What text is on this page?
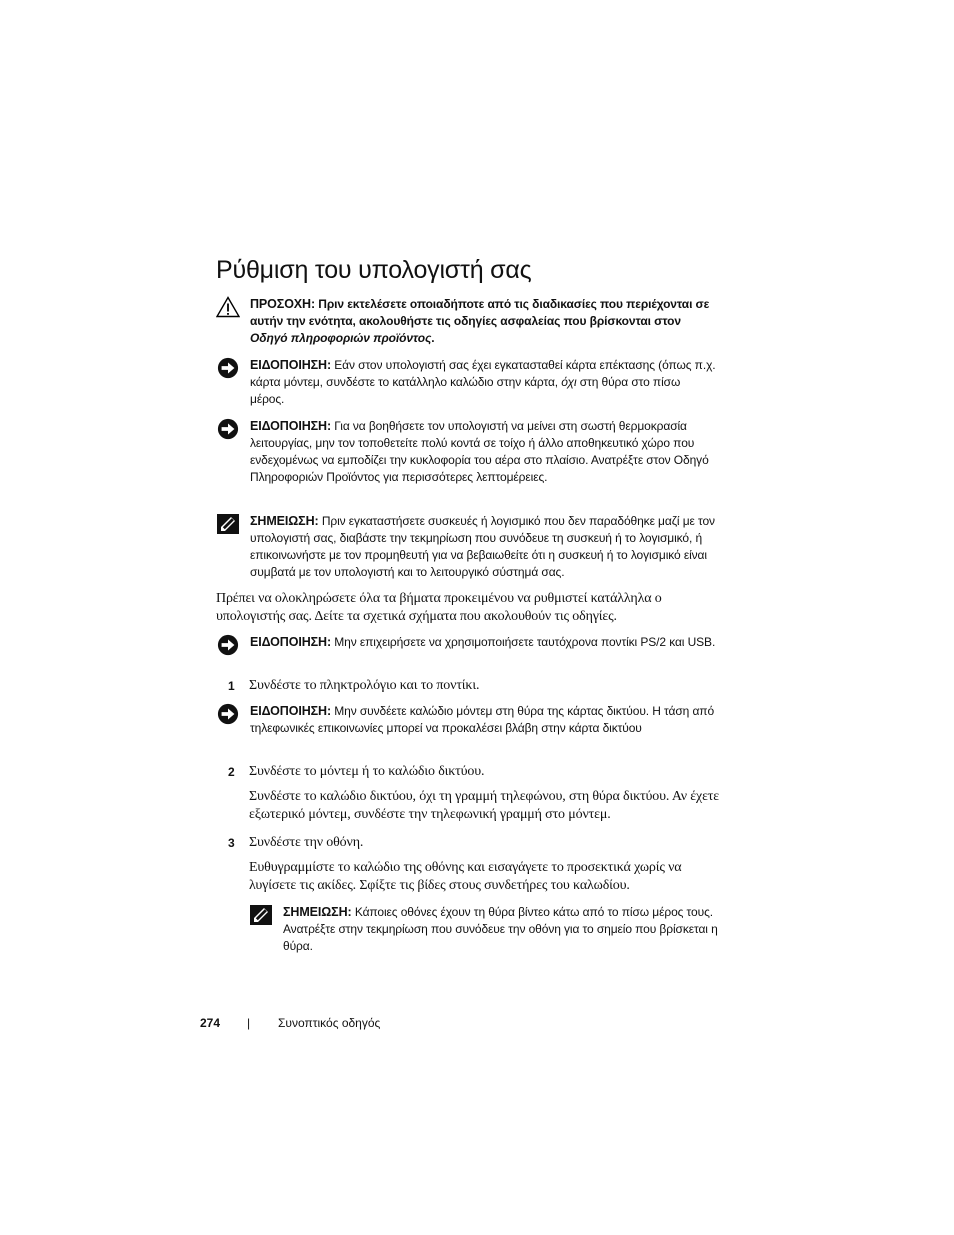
Ρύθμιση του υπολογιστή σας
ΠΡΟΣΟΧΗ: Πριν εκτελέσετε οποιαδήποτε από τις διαδικασίες που περιέχονται σε αυτήν την ενότητα, ακολουθήστε τις οδηγίες ασφαλείας που βρίσκονται στον Οδηγό πληροφοριών προϊόντος.
ΕΙΔΟΠΟΙΗΣΗ: Εάν στον υπολογιστή σας έχει εγκατασταθεί κάρτα επέκτασης (όπως π.χ. κάρτα μόντεμ, συνδέστε το κατάλληλο καλώδιο στην κάρτα, όχι στη θύρα στο πίσω μέρος.
ΕΙΔΟΠΟΙΗΣΗ: Για να βοηθήσετε τον υπολογιστή να μείνει στη σωστή θερμοκρασία λειτουργίας, μην τον τοποθετείτε πολύ κοντά σε τοίχο ή άλλο αποθηκευτικό χώρο που ενδεχομένως να εμποδίζει την κυκλοφορία του αέρα στο πλαίσιο. Ανατρέξτε στον Οδηγό Πληροφοριών Προϊόντος για περισσότερες λεπτομέρειες.
ΣΗΜΕΙΩΣΗ: Πριν εγκαταστήσετε συσκευές ή λογισμικό που δεν παραδόθηκε μαζί με τον υπολογιστή σας, διαβάστε την τεκμηρίωση που συνόδευε τη συσκευή ή το λογισμικό, ή επικοινωνήστε με τον προμηθευτή για να βεβαιωθείτε ότι η συσκευή ή το λογισμικό είναι συμβατά με τον υπολογιστή και το λειτουργικό σύστημά σας.

Πρέπει να ολοκληρώσετε όλα τα βήματα προκειμένου να ρυθμιστεί κατάλληλα ο υπολογιστής σας. Δείτε τα σχετικά σχήματα που ακολουθούν τις οδηγίες.

ΕΙΔΟΠΟΙΗΣΗ: Μην επιχειρήσετε να χρησιμοποιήσετε ταυτόχρονα ποντίκι PS/2 και USB.
1 Συνδέστε το πληκτρολόγιο και το ποντίκι.

ΕΙΔΟΠΟΙΗΣΗ: Μην συνδέετε καλώδιο μόντεμ στη θύρα της κάρτας δικτύου. Η τάση από τηλεφωνικές επικοινωνίες μπορεί να προκαλέσει βλάβη στην κάρτα δικτύου
2 Συνδέστε το μόντεμ ή το καλώδιο δικτύου.

Συνδέστε το καλώδιο δικτύου, όχι τη γραμμή τηλεφώνου, στη θύρα δικτύου. Αν έχετε εξωτερικό μόντεμ, συνδέστε την τηλεφωνική γραμμή στο μόντεμ.

3 Συνδέστε την οθόνη.

Ευθυγραμμίστε το καλώδιο της οθόνης και εισαγάγετε το προσεκτικά χωρίς να λυγίσετε τις ακίδες. Σφίξτε τις βίδες στους συνδετήρες του καλωδίου.

ΣΗΜΕΙΩΣΗ: Κάποιες οθόνες έχουν τη θύρα βίντεο κάτω από το πίσω μέρος τους. Ανατρέξτε στην τεκμηρίωση που συνόδευε την οθόνη για το σημείο που βρίσκεται η θύρα.
274 | Συνοπτικός οδηγός
